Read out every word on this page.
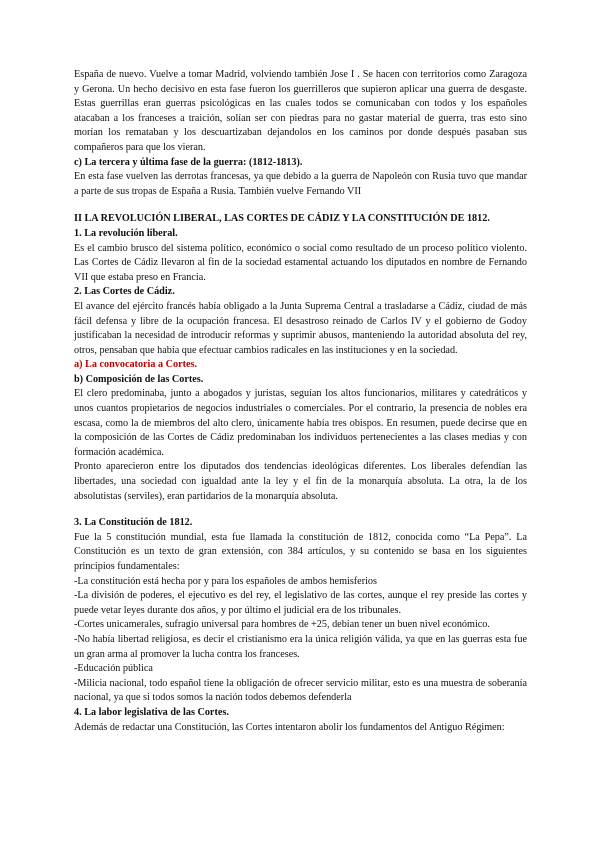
España de nuevo. Vuelve a tomar Madrid, volviendo también Jose I . Se hacen con territorios como Zaragoza y Gerona. Un hecho decisivo en esta fase fueron los guerrilleros que supieron aplicar una guerra de desgaste. Estas guerrillas eran guerras psicológicas en las cuales todos se comunicaban con todos y los españoles atacaban a los franceses a traición, solían ser con piedras para no gastar material de guerra, tras esto sino morían los remataban y los descuartizaban dejandolos en los caminos por donde después pasaban sus compañeros para que los vieran.

c) La tercera y última fase de la guerra: (1812-1813).

En esta fase vuelven las derrotas francesas, ya que debido a la guerra de Napoleón con Rusia tuvo que mandar a parte de sus tropas de España a Rusia. También vuelve Fernando VII

II LA REVOLUCIÓN LIBERAL, LAS CORTES DE CÁDIZ Y LA CONSTITUCIÓN DE 1812.

1. La revolución liberal.

Es el cambio brusco del sistema político, económico o social como resultado de un proceso político violento. Las Cortes de Cádiz llevaron al fin de la sociedad estamental actuando los diputados en nombre de Fernando VII que estaba preso en Francia.

2. Las Cortes de Cádiz.

El avance del ejército francés había obligado a la Junta Suprema Central a trasladarse a Cádiz, ciudad de más fácil defensa y libre de la ocupación francesa. El desastroso reinado de Carlos IV y el gobierno de Godoy justificaban la necesidad de introducir reformas y suprimir abusos, manteniendo la autoridad absoluta del rey, otros, pensaban que había que efectuar cambios radicales en las instituciones y en la sociedad.

a) La convocatoria a Cortes.

b) Composición de las Cortes.

El clero predominaba, junto a abogados y juristas, seguían los altos funcionarios, militares y catedráticos y unos cuantos propietarios de negocios industriales o comerciales. Por el contrario, la presencia de nobles era escasa, como la de miembros del alto clero, únicamente había tres obispos. En resumen, puede decirse que en la composición de las Cortes de Cádiz predominaban los individuos pertenecientes a las clases medias y con formación académica.

Pronto aparecieron entre los diputados dos tendencias ideológicas diferentes. Los liberales defendían las libertades, una sociedad con igualdad ante la ley y el fin de la monarquía absoluta. La otra, la de los absolutistas (serviles), eran partidarios de la monarquía absoluta.

3. La Constitución de 1812.

Fue la 5 constitución mundial, esta fue llamada la constitución de 1812, conocida como “La Pepa”. La Constitución es un texto de gran extensión, con 384 artículos, y su contenido se basa en los siguientes principios fundamentales:

-La constitución está hecha por y para los españoles de ambos hemisferios

-La división de poderes, el ejecutivo es del rey, el legislativo de las cortes, aunque el rey preside las cortes y puede vetar leyes durante dos años, y por último el judicial era de los tribunales.

-Cortes unicamerales, sufragio universal para hombres de +25, debían tener un buen nivel económico.

-No había libertad religiosa, es decir el cristianismo era la única religión válida, ya que en las guerras esta fue un gran arma al promover la lucha contra los franceses.

-Educación pública

-Milicia nacional, todo español tiene la obligación de ofrecer servicio militar, esto es una muestra de soberanía nacional, ya que si todos somos la nación todos debemos defenderla

4. La labor legislativa de las Cortes.

Además de redactar una Constitución, las Cortes intentaron abolir los fundamentos del Antiguo Régimen:
